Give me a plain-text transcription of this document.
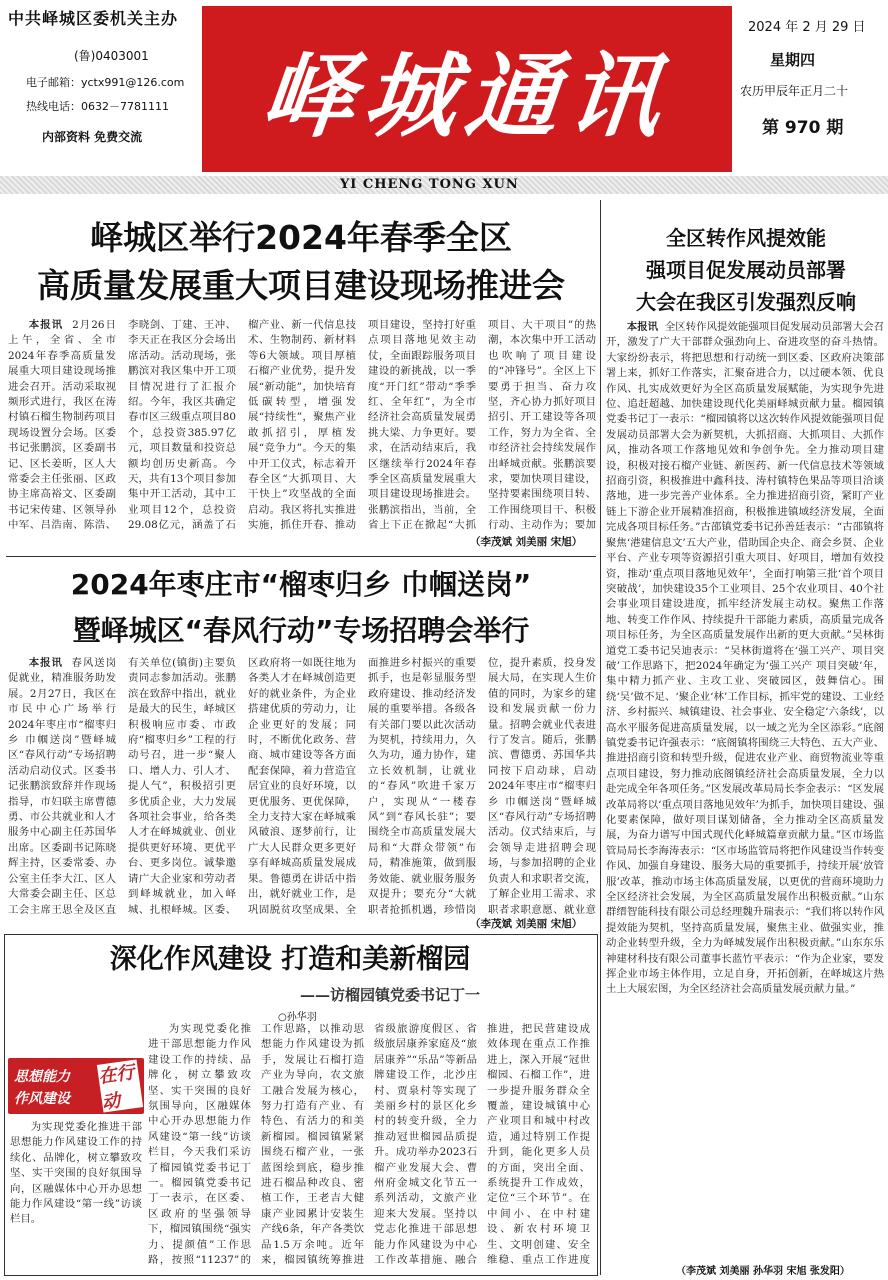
中共峄城区委机关主办
(鲁)0403001
电子邮箱：yctx991@126.com
热线电话：0632－7781111
内部资料 免费交流	峄城通讯
2024 年 2 月 29 日
星期四
农历甲辰年正月二十
第 970 期
YI CHENG TONG XUN
峄城区举行2024年春季全区
高质量发展重大项目建设现场推进会

本报讯 2月26日上午，全省、全市2024年春季高质量发展重大项目建设现场推进会召开。活动采取视频形式进行，我区在涛村镇石榴生物制药项目现场设置分会场。区委书记张鹏滨，区委副书记、区长姜昕，区人大常委会主任张丽、区政协主席高裕文、区委副书记宋传建、区领导孙中军、吕浩南、陈浩、李晓剑、丁建、王冲、李天正在我区分会场出席活动。活动现场，张鹏滨对我区集中开工项目情况进行了汇报介绍。今年，我区共确定春市区三级重点项目80个，总投资385.97亿元，项目数量和投资总额均创历史新高。今天，共有13个项目参加集中开工活动，其中工业项目12个，总投资29.08亿元，涵盖了石榴产业、新一代信息技术、生物制药、新材料等6大领域。项目厚植石榴产业优势，提升发展“新动能”，加快培育低碳转型，增强发展“持续性”，聚焦产业敢抓招引，厚植发展“竞争力”。今天的集中开工仪式，标志着开春全区“大抓项目、大干快上”攻坚战的全面启动。我区将扎实推进实施，抓住开春、推动项目建设，坚持打好重点项目落地见效主动仗，全面跟踪服务项目建设的新挑战，以一季度“开门红”带动“季季红、全年红”，为全市经济社会高质量发展勇挑大梁、力争更好。要求，在活动结束后，我区继续举行2024年春季全区高质量发展重大项目建设现场推进会。张鹏滨指出，当前，全省上下正在掀起“大抓项目、大干项目”的热潮，本次集中开工活动也吹响了项目建设的“冲锋号”。全区上下要勇于担当、奋力攻坚，齐心协力抓好项目招引、开工建设等各项工作，努力为全省、全市经济社会持续发展作出峄城贡献。张鹏滨要求，要加快项目建设，坚持要素围绕项目转、工作围绕项目干、积极行动、主动作为；要加

（李茂斌 刘美丽 宋旭）
2024年枣庄市“榴枣归乡 巾帼送岗”
暨峄城区“春风行动”专场招聘会举行

本报讯 春风送岗促就业，精准服务助发展。2月27日，我区在市民中心广场举行2024年枣庄市“榴枣归乡 巾帼送岗”暨峄城区“春风行动”专场招聘活动启动仪式。区委书记张鹏滨致辞并作现场指导，市妇联主席曹德勇、市公共就业和人才服务中心副主任苏国华出席。区委副书记陈晓辉主持，区委常委、办公室主任李大江、区人大常委会副主任、区总工会主席王思全及区直有关单位(镇街)主要负责同志参加活动。张鹏滨在致辞中指出，就业是最大的民生，峄城区积极响应市委、市政府“榴枣归乡”工程的行动号召，进一步“聚人口、增人力、引人才、提人气”，积极招引更多优质企业，大力发展各项社会事业，给各类人才在峄城就业、创业提供更好环境、更优平台、更多岗位。诚挚邀请广大企业家和劳动者到峄城就业，加入峄城、扎根峄城。区委、区政府将一如既往地为各类人才在峄城创造更好的就业条件，为企业搭建优质的劳动力，让企业更好的发展；同时，不断优化政务、营商、城市建设等各方面配套保障，着力营造宜居宜业的良好环境，以更优服务、更优保障，全力支持大家在峄城乘风破浪、逐梦前行，让广大人民群众更多更好享有峄城高质量发展成果。鲁德勇在讲话中指出，就好就业工作，是巩固脱贫攻坚成果、全面推进乡村振兴的重要抓手，也是彰显服务型政府建设、推动经济发展的重要举措。各级各有关部门要以此次活动为契机，持续用力，久久为功，通力协作，建立长效机制，让就业的“春风”吹进千家万户，实现从“一楼春风”到“春风长驻”；要围绕全市高质量发展大局和“大群众带领”布局，精准施策，做到服务效能、就业服务服务双提升；要充分“大就职者抢抓机遇，珍惜岗位，提升素质，投身发展大局，在实现人生价值的同时，为家乡的建设和发展贡献一份力量。招聘会就业代表进行了发言。随后，张鹏滨、曹德勇、苏国华共同按下启动球，启动2024年枣庄市“榴枣归乡 巾帼送岗”暨峄城区“春风行动”专场招聘活动。仪式结束后，与会领导走进招聘会现场，与参加招聘的企业负责人和求职者交流，了解企业用工需求、求职者求职意愿、就业意

（李茂斌 刘美丽 宋旭）
深化作风建设 打造和美新榴园
——访榴园镇党委书记丁一
○孙华羽
思想能力
作风建设
在行动

为实现党委化推进干部思想能力作风建设工作的持续、品牌化，树立攀致攻坚、实干突围的良好氛围导向，区融媒体中心开办思想能力作风建设“第一线”访谈栏目，今天我们采访了榴园镇党委书记丁一。榴园镇党委书记丁一表示，在区委、区政府的坚强领导下，榴园镇围绕“强实力、提颜值”工作思路，按照“11237”的工作思路，以推动思想能力作风建设为抓手，发展让石榴打造产业为导向，农文旅工融合发展为核心，努力打造有产业、有特色、有活力的和美新榴园。榴园镇紧紧围绕石榴产业，一张蓝图绘到底，稳步推进石榴品种改良、密植工作，王老吉大健康产业园累计安装生产线6条，年产各类饮品1.5万余吨。近年来，榴园镇统筹推进省级旅游度假区、省级旅居康养家庭及“旅居康养”“乐品”等新品牌建设工作，北沙庄村、贾泉村等实现了美丽乡村的景区化乡村的转变升级，全力推动冠世榴园品质提升。成功举办2023石榴产业发展大会、曹州府金城文化节五一系列活动，文旅产业迎来大发展。坚持以党志化推进干部思想能力作风建设为中心工作改革措施、融合推进，把民营建设成效体现在重点工作推进上，深入开展“冠世榴园、石榴工作”，进一步提升服务群众全覆盖，建设城镇中心产业项目和城中村改造，通过特别工作提升到，能化更多人员的方面，突出全面、系统提升工作成效，定位“三个环节”。在中间小、在中村建设、新农村环境卫生、文明创建、安全维稳、重点工作进度

为实现党委化推进干部思想能力作风建设工作的持续化、品牌化，树立攀致攻坚、实干突围的良好氛围导向，区融媒体中心开办思想能力作风建设“第一线”访谈栏目。

全区转作风提效能
强项目促发展动员部署
大会在我区引发强烈反响

本报讯 全区转作风提效能强项目促发展动员部署大会召开，激发了广大干部群众强劲向上、奋进攻坚的奋斗热情。大家纷纷表示，将把思想和行动统一到区委、区政府决策部署上来，抓好工作落实，汇聚奋进合力，以过硬本领、优良作风、扎实成效更好为全区高质量发展赋能，为实现争先进位、追赶超越、加快建设现代化美丽峄城贡献力量。榴园镇党委书记丁一表示：“榴园镇将以这次转作风提效能强项目促发展动员部署大会为新契机，大抓招商、大抓项目、大抓作风，推动各项工作落地见效和争创争先。全力推动项目建设，积极对接石榴产业链、新医药、新一代信息技术等领域招商引资，积极推进中鑫科技、涛村镇特色果品等项目洽谈落地，进一步完善产业体系。全力推进招商引资，紧盯产业链上下游企业开展精准招商，积极推进镇域经济发展，全面完成各项目标任务。”古邵镇党委书记孙善廷表示：“古邵镇将聚焦‘港建信息文’五大产业，借助国企央企、商会乡贤、企业平台、产业专项等资源招引重大项目、好项目，增加有效投资，推动‘重点项目落地见效年’，全面打响第三批‘首个项目突破战’，加快建设35个工业项目、25个农业项目、40个社会事业项目建设进度，抓牢经济发展主动权。聚焦工作落地、转变工作作风、持续提升干部能力素质，高质量完成各项目标任务，为全区高质量发展作出新的更大贡献。”吴林街道党工委书记吴迪表示：“吴林街道将在‘强工兴产、项目突破’工作思路下，把2024年确定为‘强工兴产 项目突破’年，集中精力抓产业、主攻工业、突破园区，鼓舞信心。围绕‘吴’做不足、‘聚企业‘林’工作目标，抓牢党的建设、工业经济、乡村振兴、城镇建设、社会事业、安全稳定‘六条线’，以高水平服务促进高质量发展，以一域之光为全区添彩。”底阁镇党委书记许强表示：“底阁镇将围绕三大特色、五大产业、推进招商引资和转型升级，促进农业产业、商贸物流业等重点项目建设，努力推动底阁镇经济社会高质量发展，全力以赴完成全年各项任务。”区发展改革局局长李金表示：“区发展改革局将以‘重点项目落地见效年’为抓手，加快项目建设、强化要素保障，做好项目谋划储备，全力推动全区高质量发展，为奋力谱写中国式现代化峄城篇章贡献力量。”区市场监管局局长李海涛表示：“区市场监管局将把作风建设当作转变作风、加强自身建设、服务大局的重要抓手，持续开展‘放管服’改革，推动市场主体高质量发展，以更优的营商环境助力全区经济社会发展，为全区高质量发展作出积极贡献。”山东群缙智能科技有限公司总经理魏升瑞表示：“我们将以转作风提效能为契机，坚持高质量发展，聚焦主业、做强实业，推动企业转型升级，全力为峄城发展作出积极贡献。”山东东乐神建材科技有限公司董事长蓝竹平表示：“作为企业家，要发挥企业市场主体作用，立足自身，开拓创新，在峄城这片热土上大展宏图，为全区经济社会高质量发展贡献力量。”

（李茂斌 刘美丽 孙华羽 宋旭 张发阳）
